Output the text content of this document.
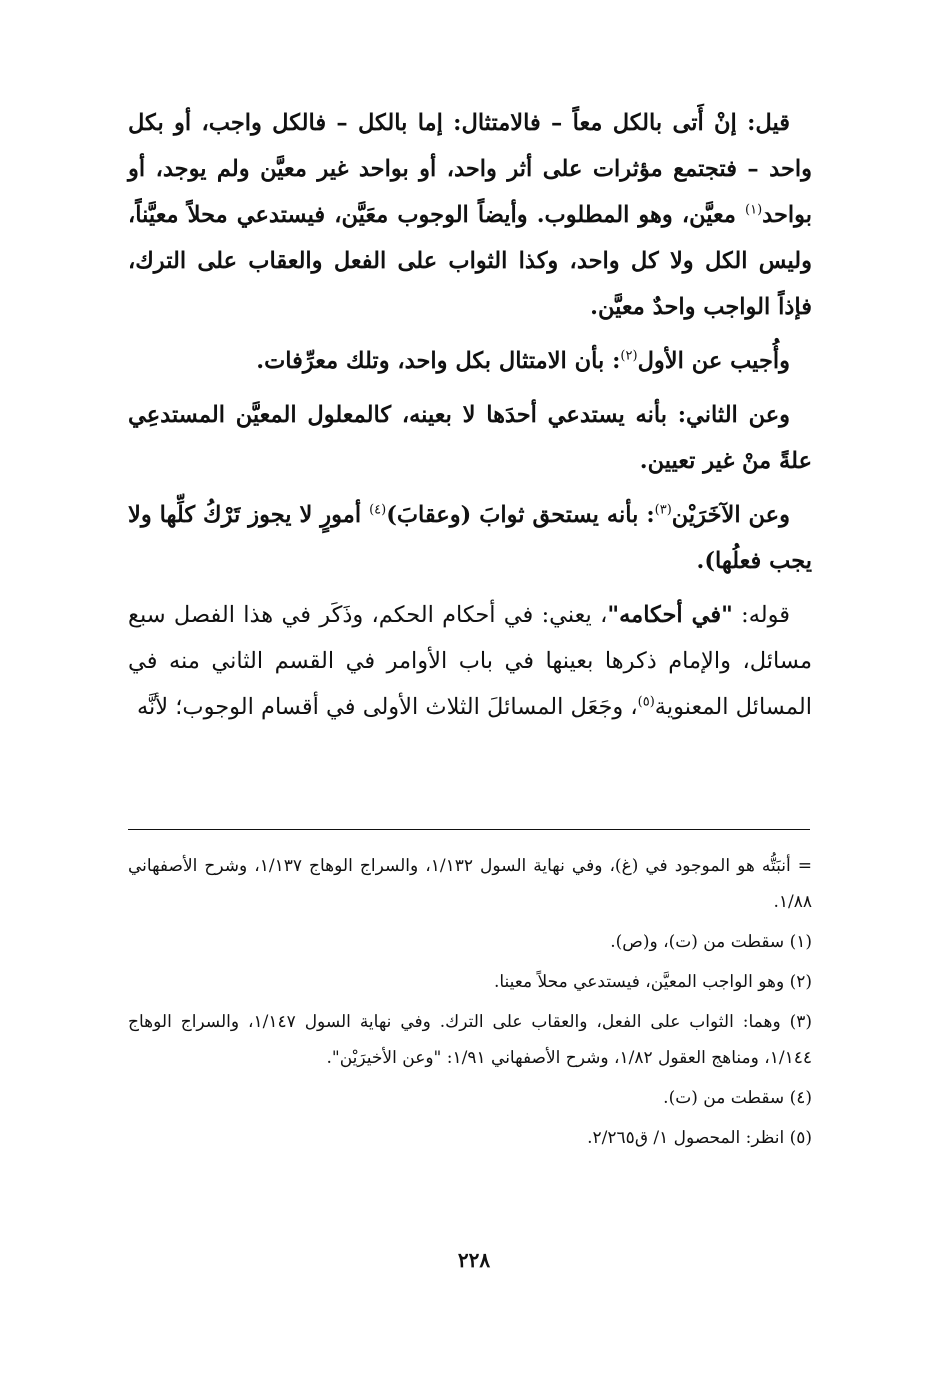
قيل: إنْ أَتى بالكل معاً – فالامتثال: إما بالكل – فالكل واجب، أو بكل واحد – فتجتمع مؤثرات على أثر واحد، أو بواحد غير معيَّن ولم يوجد، أو بواحد$^{(١)}$ معيَّن، وهو المطلوب. وأيضاً الوجوب معَيَّن، فيستدعي محلاً معيَّناً، وليس الكل ولا كل واحد، وكذا الثواب على الفعل والعقاب على الترك، فإذاً الواجب واحدٌ معيَّن.

وأُجيب عن الأول$^{(٢)}$: بأن الامتثال بكل واحد، وتلك معرِّفات.

وعن الثاني: بأنه يستدعي أحدَها لا بعينه، كالمعلول المعيَّن المستدعِي علةً منْ غير تعيين.

وعن الآخَرَيْن$^{(٣)}$: بأنه يستحق ثوابَ (وعقابَ)$^{(٤)}$ أمورٍ لا يجوز تَرْكُ كلِّها ولا يجب فعلُها).

قوله: "في أحكامه"، يعني: في أحكام الحكم، وذَكَر في هذا الفصل سبع مسائل، والإمام ذكرها بعينها في باب الأوامر في القسم الثاني منه في المسائل المعنوية$^{(٥)}$، وجَعَل المسائلَ الثلاث الأولى في أقسام الوجوب؛ لأنَّه

= أنبَتُّه هو الموجود في (غ)، وفي نهاية السول ١/١٣٢، والسراج الوهاج ١/١٣٧، وشرح الأصفهاني ١/٨٨.

(١) سقطت من (ت)، و(ص).

(٢) وهو الواجب المعيَّن، فيستدعي محلاً معينا.

(٣) وهما: الثواب على الفعل، والعقاب على الترك. وفي نهاية السول ١/١٤٧، والسراج الوهاج ١/١٤٤، ومناهج العقول ١/٨٢، وشرح الأصفهاني ١/٩١: "وعن الأخيرَيْن".

(٤) سقطت من (ت).

(٥) انظر: المحصول ١/ ق٢/٢٦٥.

٢٢٨
